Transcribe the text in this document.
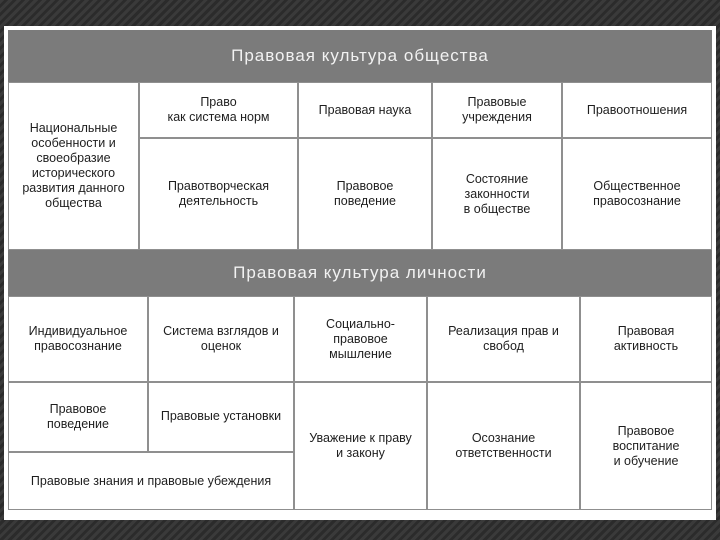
Правовая культура общества
Национальные
особенности и
своеобразие
исторического
развития данного
общества
Право
как система норм
Правовая наука
Правовые
учреждения
Правоотношения
Правотворческая
деятельность
Правовое
поведение
Состояние
законности
в обществе
Общественное
правосознание
Правовая культура личности
Индивидуальное
правосознание
Система взглядов и
оценок
Социально-
правовое
мышление
Реализация прав и
свобод
Правовая
активность
Правовое
поведение
Правовые установки
Уважение к праву
и закону
Осознание
ответственности
Правовое
воспитание
и обучение
Правовые знания и правовые убеждения
